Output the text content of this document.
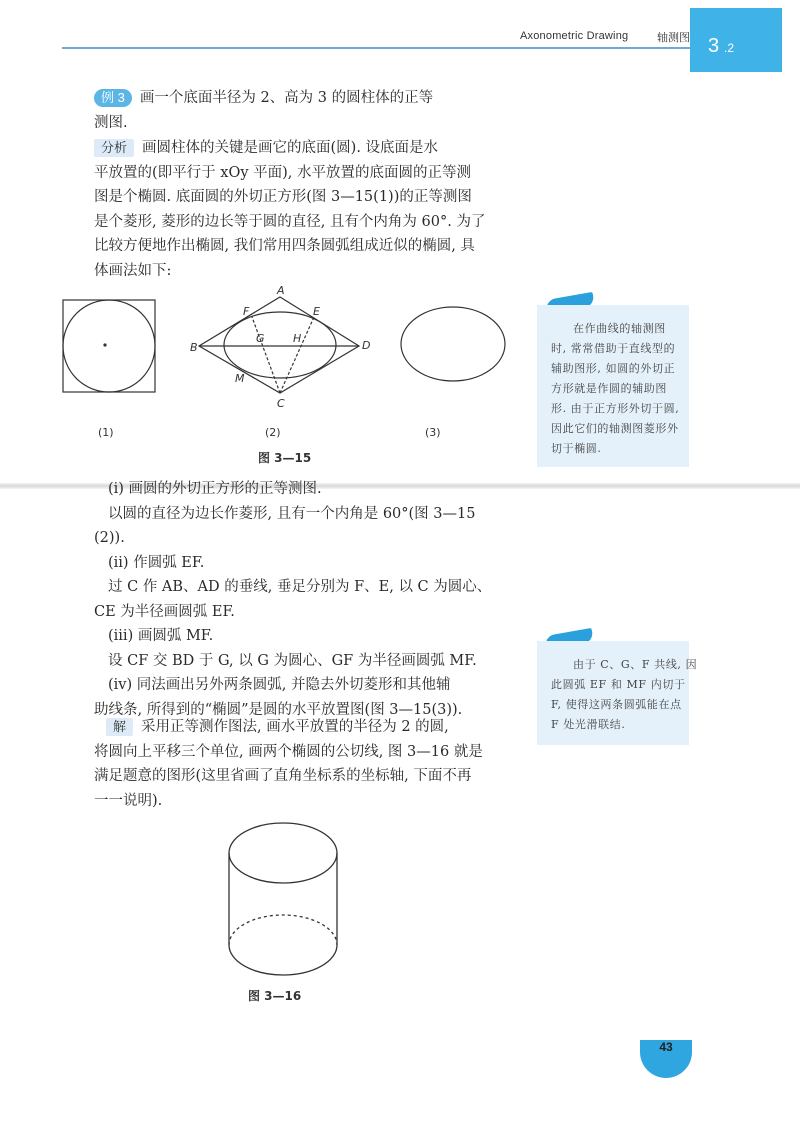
Axonometric Drawing	轴测图 3 .2
例 3 画一个底面半径为 2、高为 3 的圆柱体的正等
测图.
分析 画圆柱体的关键是画它的底面(圆). 设底面是水
平放置的(即平行于 xOy 平面), 水平放置的底面圆的正等测
图是个椭圆. 底面圆的外切正方形(图 3—15(1))的正等测图
是个菱形, 菱形的边长等于圆的直径, 且有个内角为 60°. 为了
比较方便地作出椭圆, 我们常用四条圆弧组成近似的椭圆, 具
体画法如下:
A
B
C
D
E
F
G	H
M
(1)	(2)	(3)
图 3—15
在作曲线的轴测图
时, 常常借助于直线型的
辅助图形, 如圆的外切正
方形就是作圆的辅助图
形. 由于正方形外切于圆,
因此它们的轴测图菱形外
切于椭圆.
(ⅰ) 画圆的外切正方形的正等测图.
以圆的直径为边长作菱形, 且有一个内角是 60°(图 3—15
(2)).
(ⅱ) 作圆弧 EF.
过 C 作 AB、AD 的垂线, 垂足分别为 F、E, 以 C 为圆心、
CE 为半径画圆弧 EF.
(ⅲ) 画圆弧 MF.
设 CF 交 BD 于 G, 以 G 为圆心、GF 为半径画圆弧 MF.
(ⅳ) 同法画出另外两条圆弧, 并隐去外切菱形和其他辅
助线条, 所得到的“椭圆”是圆的水平放置图(图 3—15(3)).
由于 C、G、F 共线, 因
此圆弧 EF 和 MF 内切于
F, 使得这两条圆弧能在点
F 处光滑联结.
解 采用正等测作图法, 画水平放置的半径为 2 的圆,
将圆向上平移三个单位, 画两个椭圆的公切线, 图 3—16 就是
满足题意的图形(这里省画了直角坐标系的坐标轴, 下面不再
一一说明).
图 3—16
43
